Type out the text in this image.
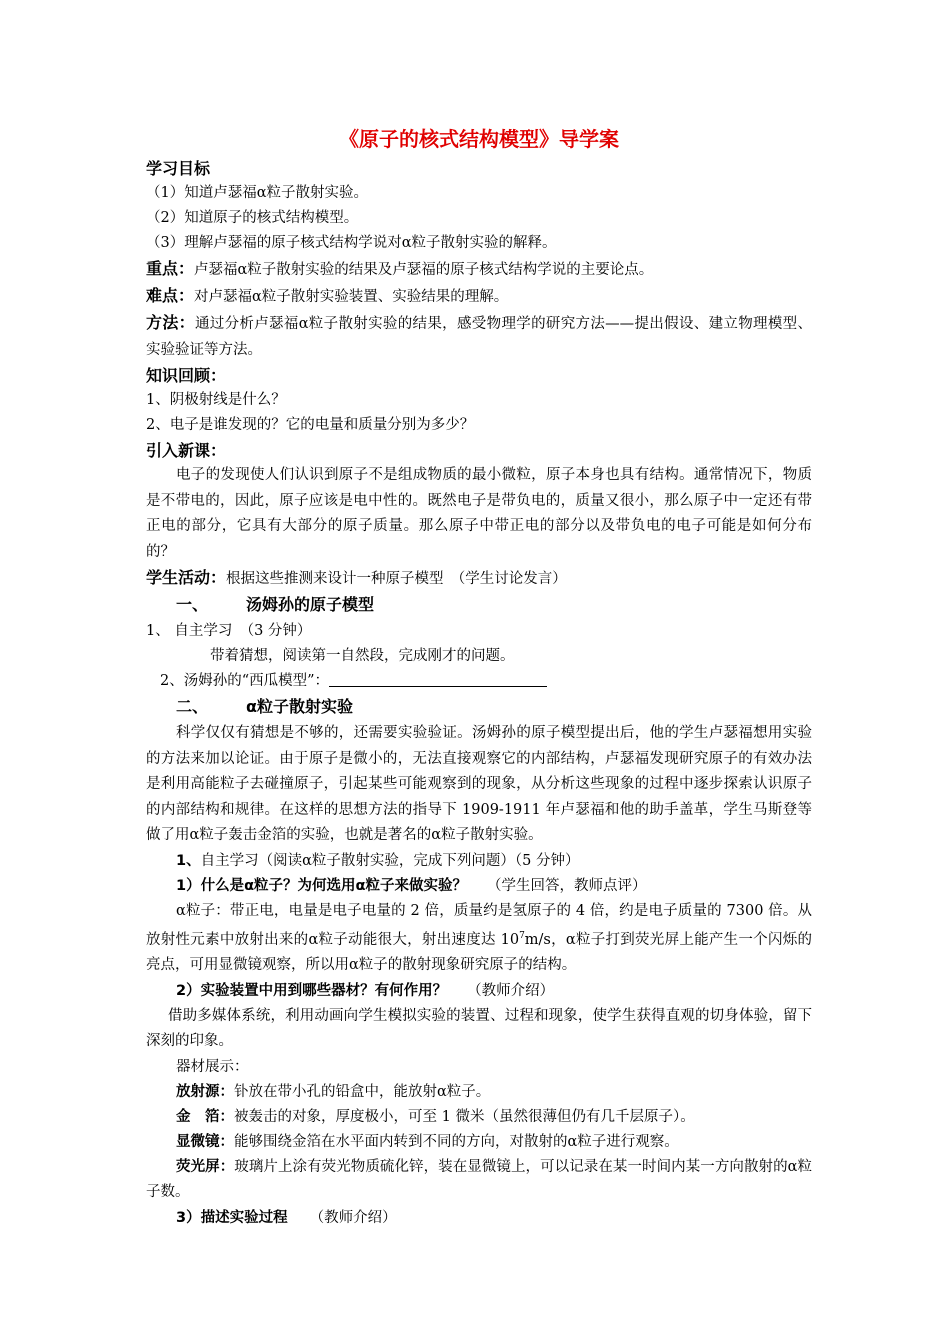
《原子的核式结构模型》导学案
学习目标
（1）知道卢瑟福α粒子散射实验。
（2）知道原子的核式结构模型。
（3）理解卢瑟福的原子核式结构学说对α粒子散射实验的解释。
重点：卢瑟福α粒子散射实验的结果及卢瑟福的原子核式结构学说的主要论点。
难点：对卢瑟福α粒子散射实验装置、实验结果的理解。
方法：通过分析卢瑟福α粒子散射实验的结果，感受物理学的研究方法——提出假设、建立物理模型、实验验证等方法。
知识回顾：
1、阴极射线是什么？
2、电子是谁发现的？它的电量和质量分别为多少？
引入新课：
电子的发现使人们认识到原子不是组成物质的最小微粒，原子本身也具有结构。通常情况下，物质是不带电的，因此，原子应该是电中性的。既然电子是带负电的，质量又很小，那么原子中一定还有带正电的部分，它具有大部分的原子质量。那么原子中带正电的部分以及带负电的电子可能是如何分布的？
学生活动：根据这些推测来设计一种原子模型　（学生讨论发言）
一、 汤姆孙的原子模型
1、 自主学习　（3 分钟）
带着猜想，阅读第一自然段，完成刚才的问题。
2、汤姆孙的“西瓜模型”：
二、 α粒子散射实验
科学仅仅有猜想是不够的，还需要实验验证。汤姆孙的原子模型提出后，他的学生卢瑟福想用实验的方法来加以论证。由于原子是微小的，无法直接观察它的内部结构，卢瑟福发现研究原子的有效办法是利用高能粒子去碰撞原子，引起某些可能观察到的现象，从分析这些现象的过程中逐步探索认识原子的内部结构和规律。在这样的思想方法的指导下 1909-1911 年卢瑟福和他的助手盖革，学生马斯登等做了用α粒子轰击金箔的实验，也就是著名的α粒子散射实验。
1、自主学习（阅读α粒子散射实验，完成下列问题）（5 分钟）
1）什么是α粒子？为何选用α粒子来做实验？ （学生回答，教师点评）
α粒子：带正电，电量是电子电量的 2 倍，质量约是氢原子的 4 倍，约是电子质量的 7300 倍。从放射性元素中放射出来的α粒子动能很大，射出速度达 $10^7m/s$，α粒子打到荧光屏上能产生一个闪烁的亮点，可用显微镜观察，所以用α粒子的散射现象研究原子的结构。
2）实验装置中用到哪些器材？有何作用？ （教师介绍）
借助多媒体系统，利用动画向学生模拟实验的装置、过程和现象，使学生获得直观的切身体验，留下深刻的印象。
器材展示：
放射源：钋放在带小孔的铅盒中，能放射α粒子。
金　箔：被轰击的对象，厚度极小，可至 1 微米（虽然很薄但仍有几千层原子）。
显微镜：能够围绕金箔在水平面内转到不同的方向，对散射的α粒子进行观察。
荧光屏：玻璃片上涂有荧光物质硫化锌，装在显微镜上，可以记录在某一时间内某一方向散射的α粒子数。
3）描述实验过程 （教师介绍）
